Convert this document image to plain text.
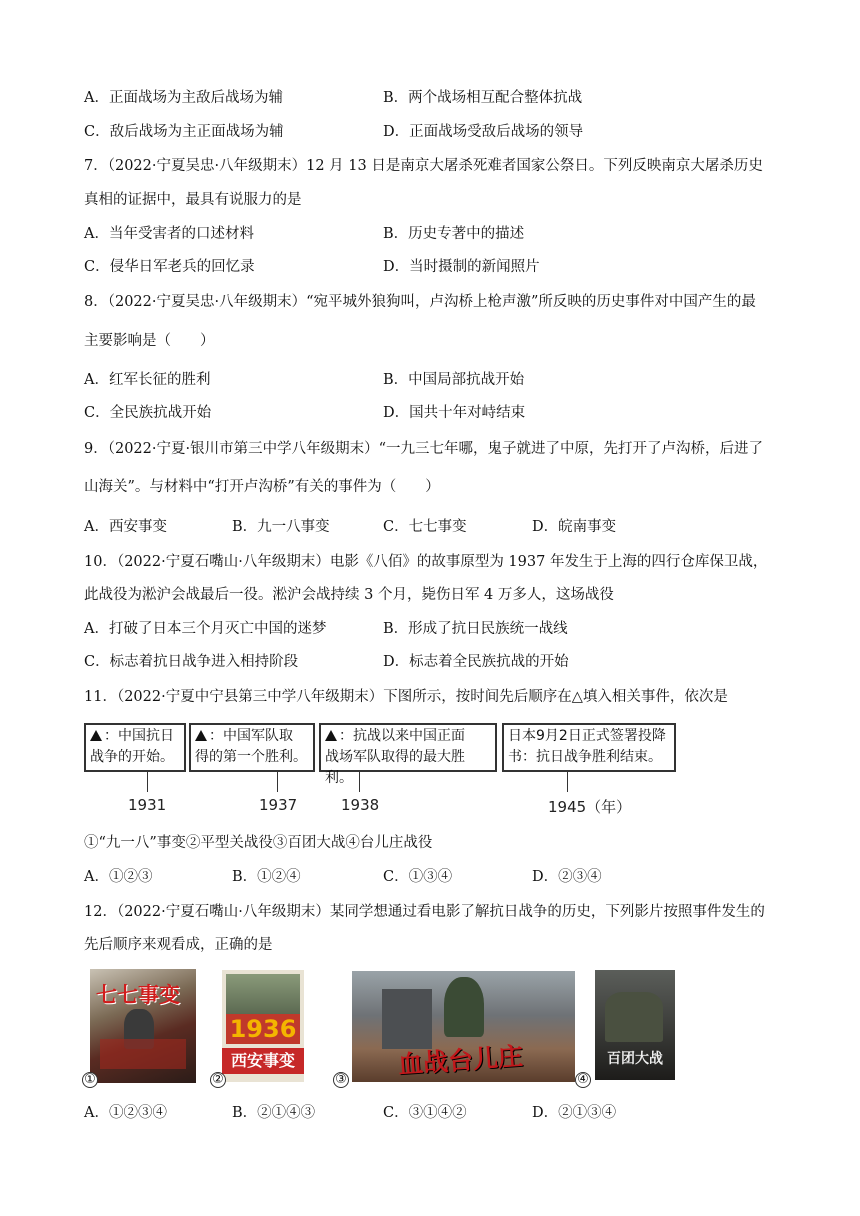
A．正面战场为主敌后战场为辅	B．两个战场相互配合整体抗战
C．敌后战场为主正面战场为辅	D．正面战场受敌后战场的领导
7．（2022·宁夏吴忠·八年级期末）12 月 13 日是南京大屠杀死难者国家公祭日。下列反映南京大屠杀历史
真相的证据中，最具有说服力的是
A．当年受害者的口述材料	B．历史专著中的描述
C．侵华日军老兵的回忆录	D．当时摄制的新闻照片
8．（2022·宁夏吴忠·八年级期末）“宛平城外狼狗叫，卢沟桥上枪声激”所反映的历史事件对中国产生的最
主要影响是（　　）
A．红军长征的胜利	B．中国局部抗战开始
C．全民族抗战开始	D．国共十年对峙结束
9．（2022·宁夏·银川市第三中学八年级期末）“一九三七年哪，鬼子就进了中原，先打开了卢沟桥，后进了
山海关”。与材料中“打开卢沟桥”有关的事件为（　　）
A．西安事变	B．九一八事变	C．七七事变	D．皖南事变
10．（2022·宁夏石嘴山·八年级期末）电影《八佰》的故事原型为 1937 年发生于上海的四行仓库保卫战，
此战役为淞沪会战最后一役。淞沪会战持续 3 个月，毙伤日军 4 万多人，这场战役
A．打破了日本三个月灭亡中国的迷梦	B．形成了抗日民族统一战线
C．标志着抗日战争进入相持阶段	D．标志着全民族抗战的开始
11．（2022·宁夏中宁县第三中学八年级期末）下图所示，按时间先后顺序在△填入相关事件，依次是
：中国抗日
战争的开始。
：中国军队取
得的第一个胜利。
：抗战以来中国正面
战场军队取得的最大胜利。
日本9月2日正式签署投降
书：抗日战争胜利结束。
1931	1937	1938	1945（年）
①“九一八”事变②平型关战役③百团大战④台儿庄战役
A．①②③	B．①②④	C．①③④	D．②③④
12．（2022·宁夏石嘴山·八年级期末）某同学想通过看电影了解抗日战争的历史，下列影片按照事件发生的
先后顺序来观看成，正确的是
七七事变
①
1936
西安事变
②
血战台儿庄
③
百团大战
④
A．①②③④	B．②①④③	C．③①④②	D．②①③④
